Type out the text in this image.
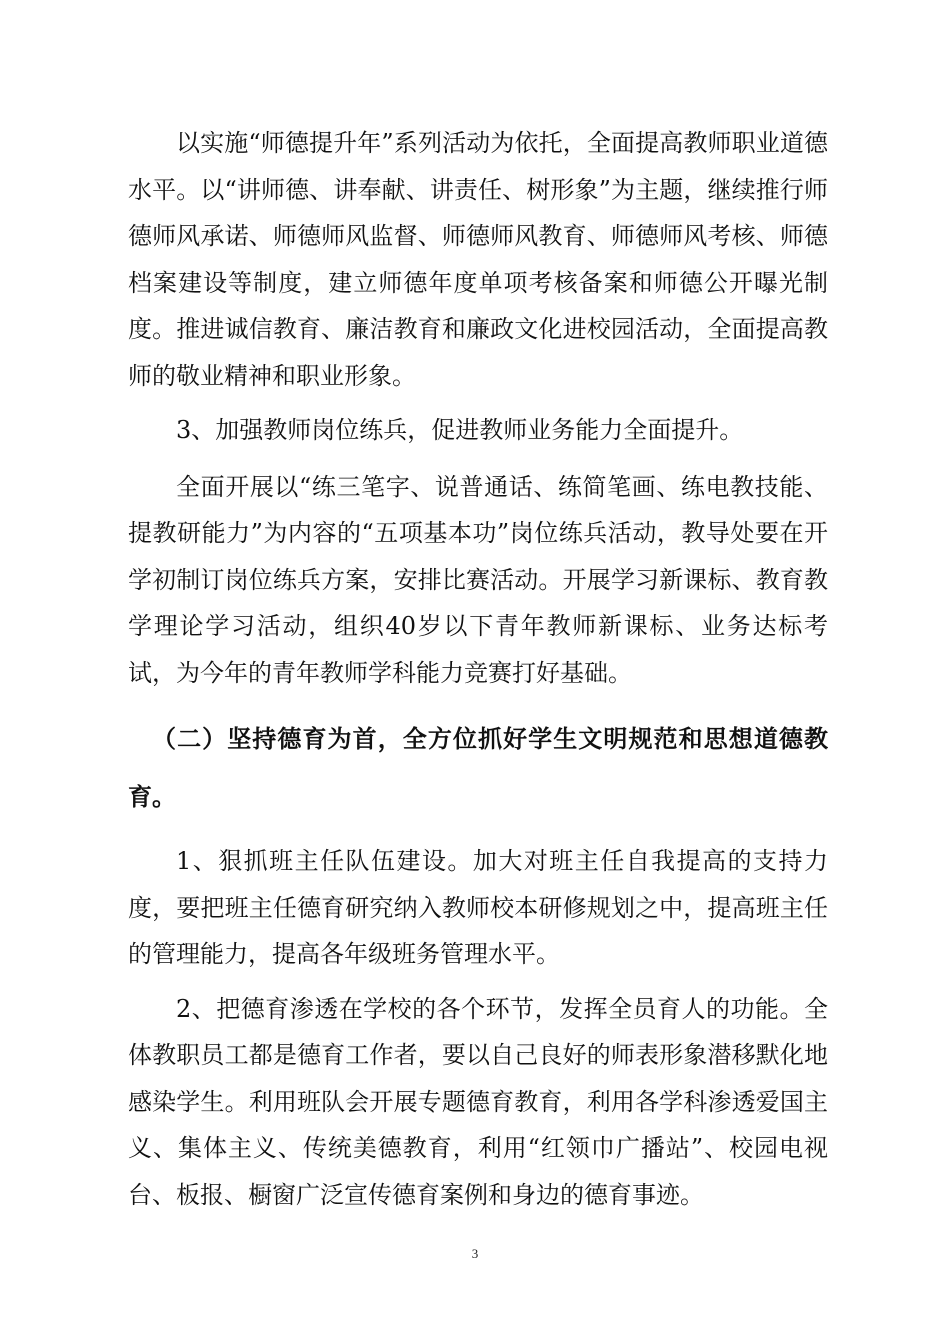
以实施“师德提升年”系列活动为依托，全面提高教师职业道德水平。以“讲师德、讲奉献、讲责任、树形象”为主题，继续推行师德师风承诺、师德师风监督、师德师风教育、师德师风考核、师德档案建设等制度，建立师德年度单项考核备案和师德公开曝光制度。推进诚信教育、廉洁教育和廉政文化进校园活动，全面提高教师的敬业精神和职业形象。

3、加强教师岗位练兵，促进教师业务能力全面提升。

全面开展以“练三笔字、说普通话、练简笔画、练电教技能、提教研能力”为内容的“五项基本功”岗位练兵活动，教导处要在开学初制订岗位练兵方案，安排比赛活动。开展学习新课标、教育教学理论学习活动，组织40岁以下青年教师新课标、业务达标考试，为今年的青年教师学科能力竞赛打好基础。

（二）坚持德育为首，全方位抓好学生文明规范和思想道德教育。

1、狠抓班主任队伍建设。加大对班主任自我提高的支持力度，要把班主任德育研究纳入教师校本研修规划之中，提高班主任的管理能力，提高各年级班务管理水平。

2、把德育渗透在学校的各个环节，发挥全员育人的功能。全体教职员工都是德育工作者，要以自己良好的师表形象潜移默化地感染学生。利用班队会开展专题德育教育，利用各学科渗透爱国主义、集体主义、传统美德教育，利用“红领巾广播站”、校园电视台、板报、橱窗广泛宣传德育案例和身边的德育事迹。

3
